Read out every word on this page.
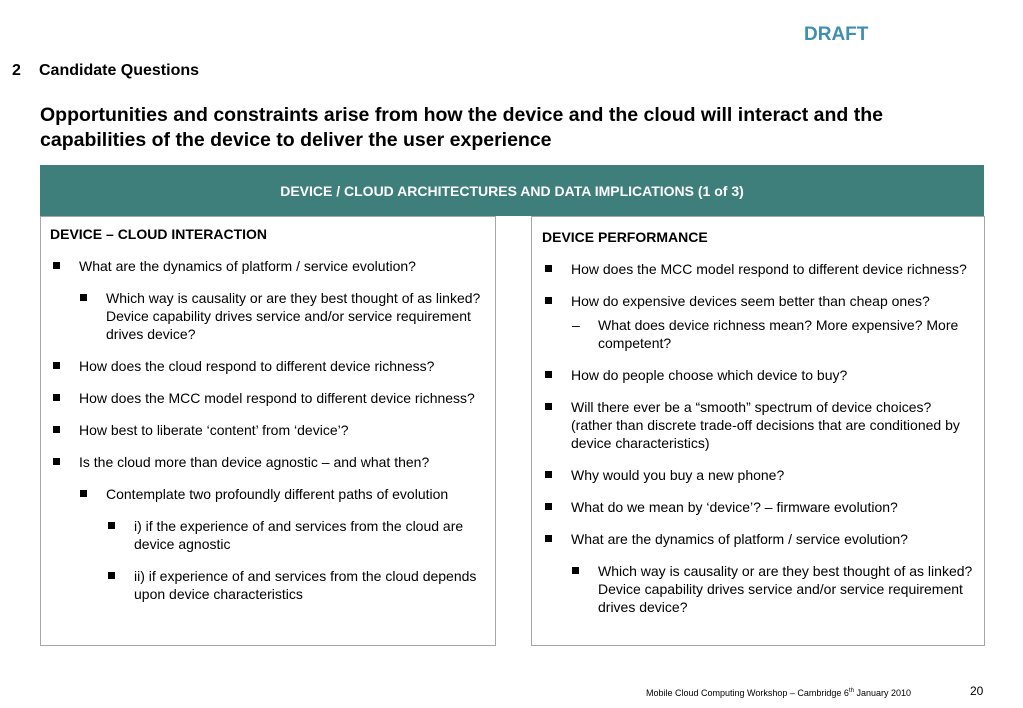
DRAFT
2 Candidate Questions
Opportunities and constraints arise from how the device and the cloud will interact and the capabilities of the device to deliver the user experience
DEVICE / CLOUD ARCHITECTURES AND DATA IMPLICATIONS (1 of 3)
DEVICE – CLOUD INTERACTION
What are the dynamics of platform / service evolution?
Which way is causality or are they best thought of as linked? Device capability drives service and/or service requirement drives device?
How does the cloud respond to different device richness?
How does the MCC model respond to different device richness?
How best to liberate ‘content’ from ‘device’?
Is the cloud more than device agnostic – and what then?
Contemplate two profoundly different paths of evolution
i) if the experience of and services from the cloud are device agnostic
ii) if experience of and services from the cloud depends upon device characteristics
DEVICE PERFORMANCE
How does the MCC model respond to different device richness?
How do expensive devices seem better than cheap ones?
– What does device richness mean? More expensive? More competent?
How do people choose which device to buy?
Will there ever be a “smooth” spectrum of device choices? (rather than discrete trade-off decisions that are conditioned by device characteristics)
Why would you buy a new phone?
What do we mean by ‘device’? – firmware evolution?
What are the dynamics of platform / service evolution?
Which way is causality or are they best thought of as linked? Device capability drives service and/or service requirement drives device?
Mobile Cloud Computing Workshop – Cambridge 6th January 2010	20
